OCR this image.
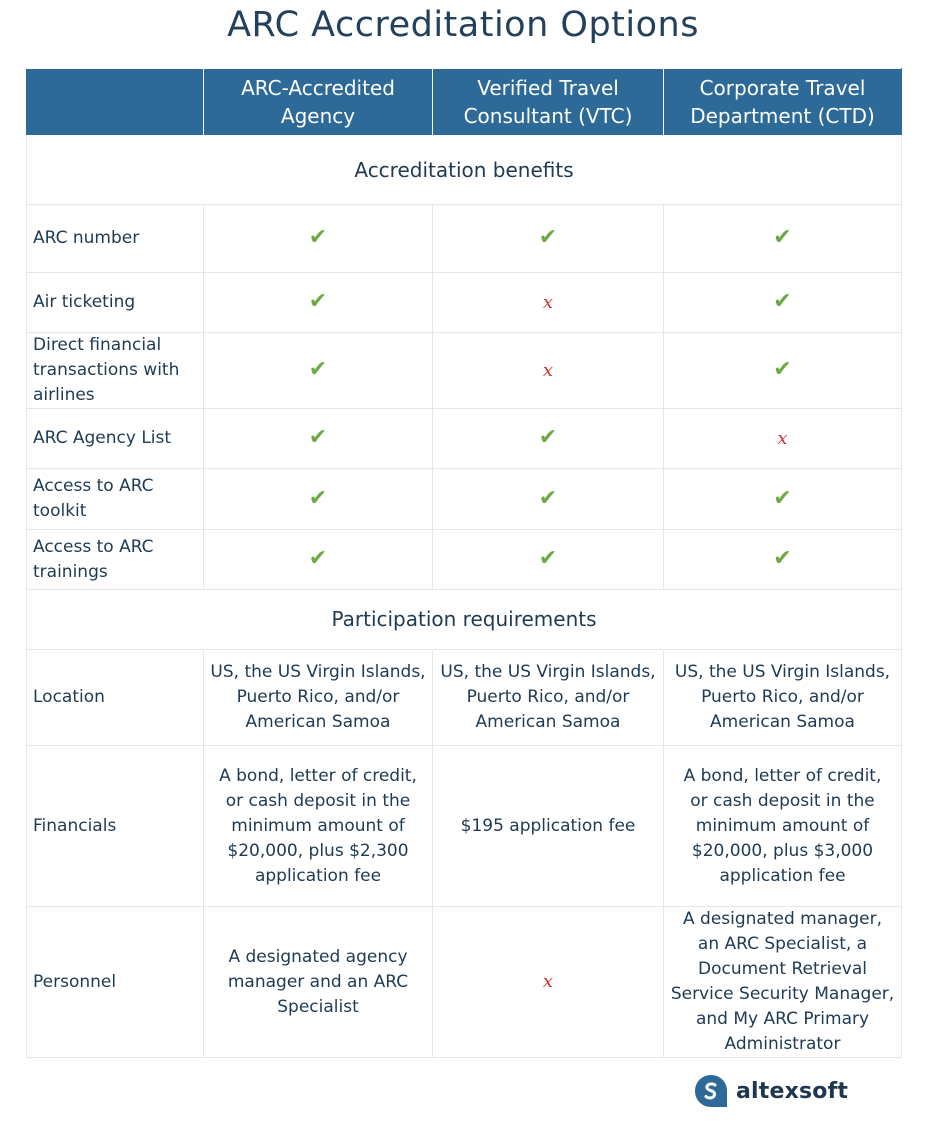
ARC Accreditation Options
	ARC-Accredited Agency	Verified Travel Consultant (VTC)	Corporate Travel Department (CTD)
Accreditation benefits			
ARC number	✔	✔	✔
Air ticketing	✔	x	✔
Direct financial transactions with airlines	✔	x	✔
ARC Agency List	✔	✔	x
Access to ARC toolkit	✔	✔	✔
Access to ARC trainings	✔	✔	✔
Participation requirements			
Location	US, the US Virgin Islands, Puerto Rico, and/or American Samoa	US, the US Virgin Islands, Puerto Rico, and/or American Samoa	US, the US Virgin Islands, Puerto Rico, and/or American Samoa
Financials	A bond, letter of credit, or cash deposit in the minimum amount of $20,000, plus $2,300 application fee	$195 application fee	A bond, letter of credit, or cash deposit in the minimum amount of $20,000, plus $3,000 application fee
Personnel	A designated agency manager and an ARC Specialist	x	A designated manager, an ARC Specialist, a Document Retrieval Service Security Manager, and My ARC Primary Administrator
altexsoft
